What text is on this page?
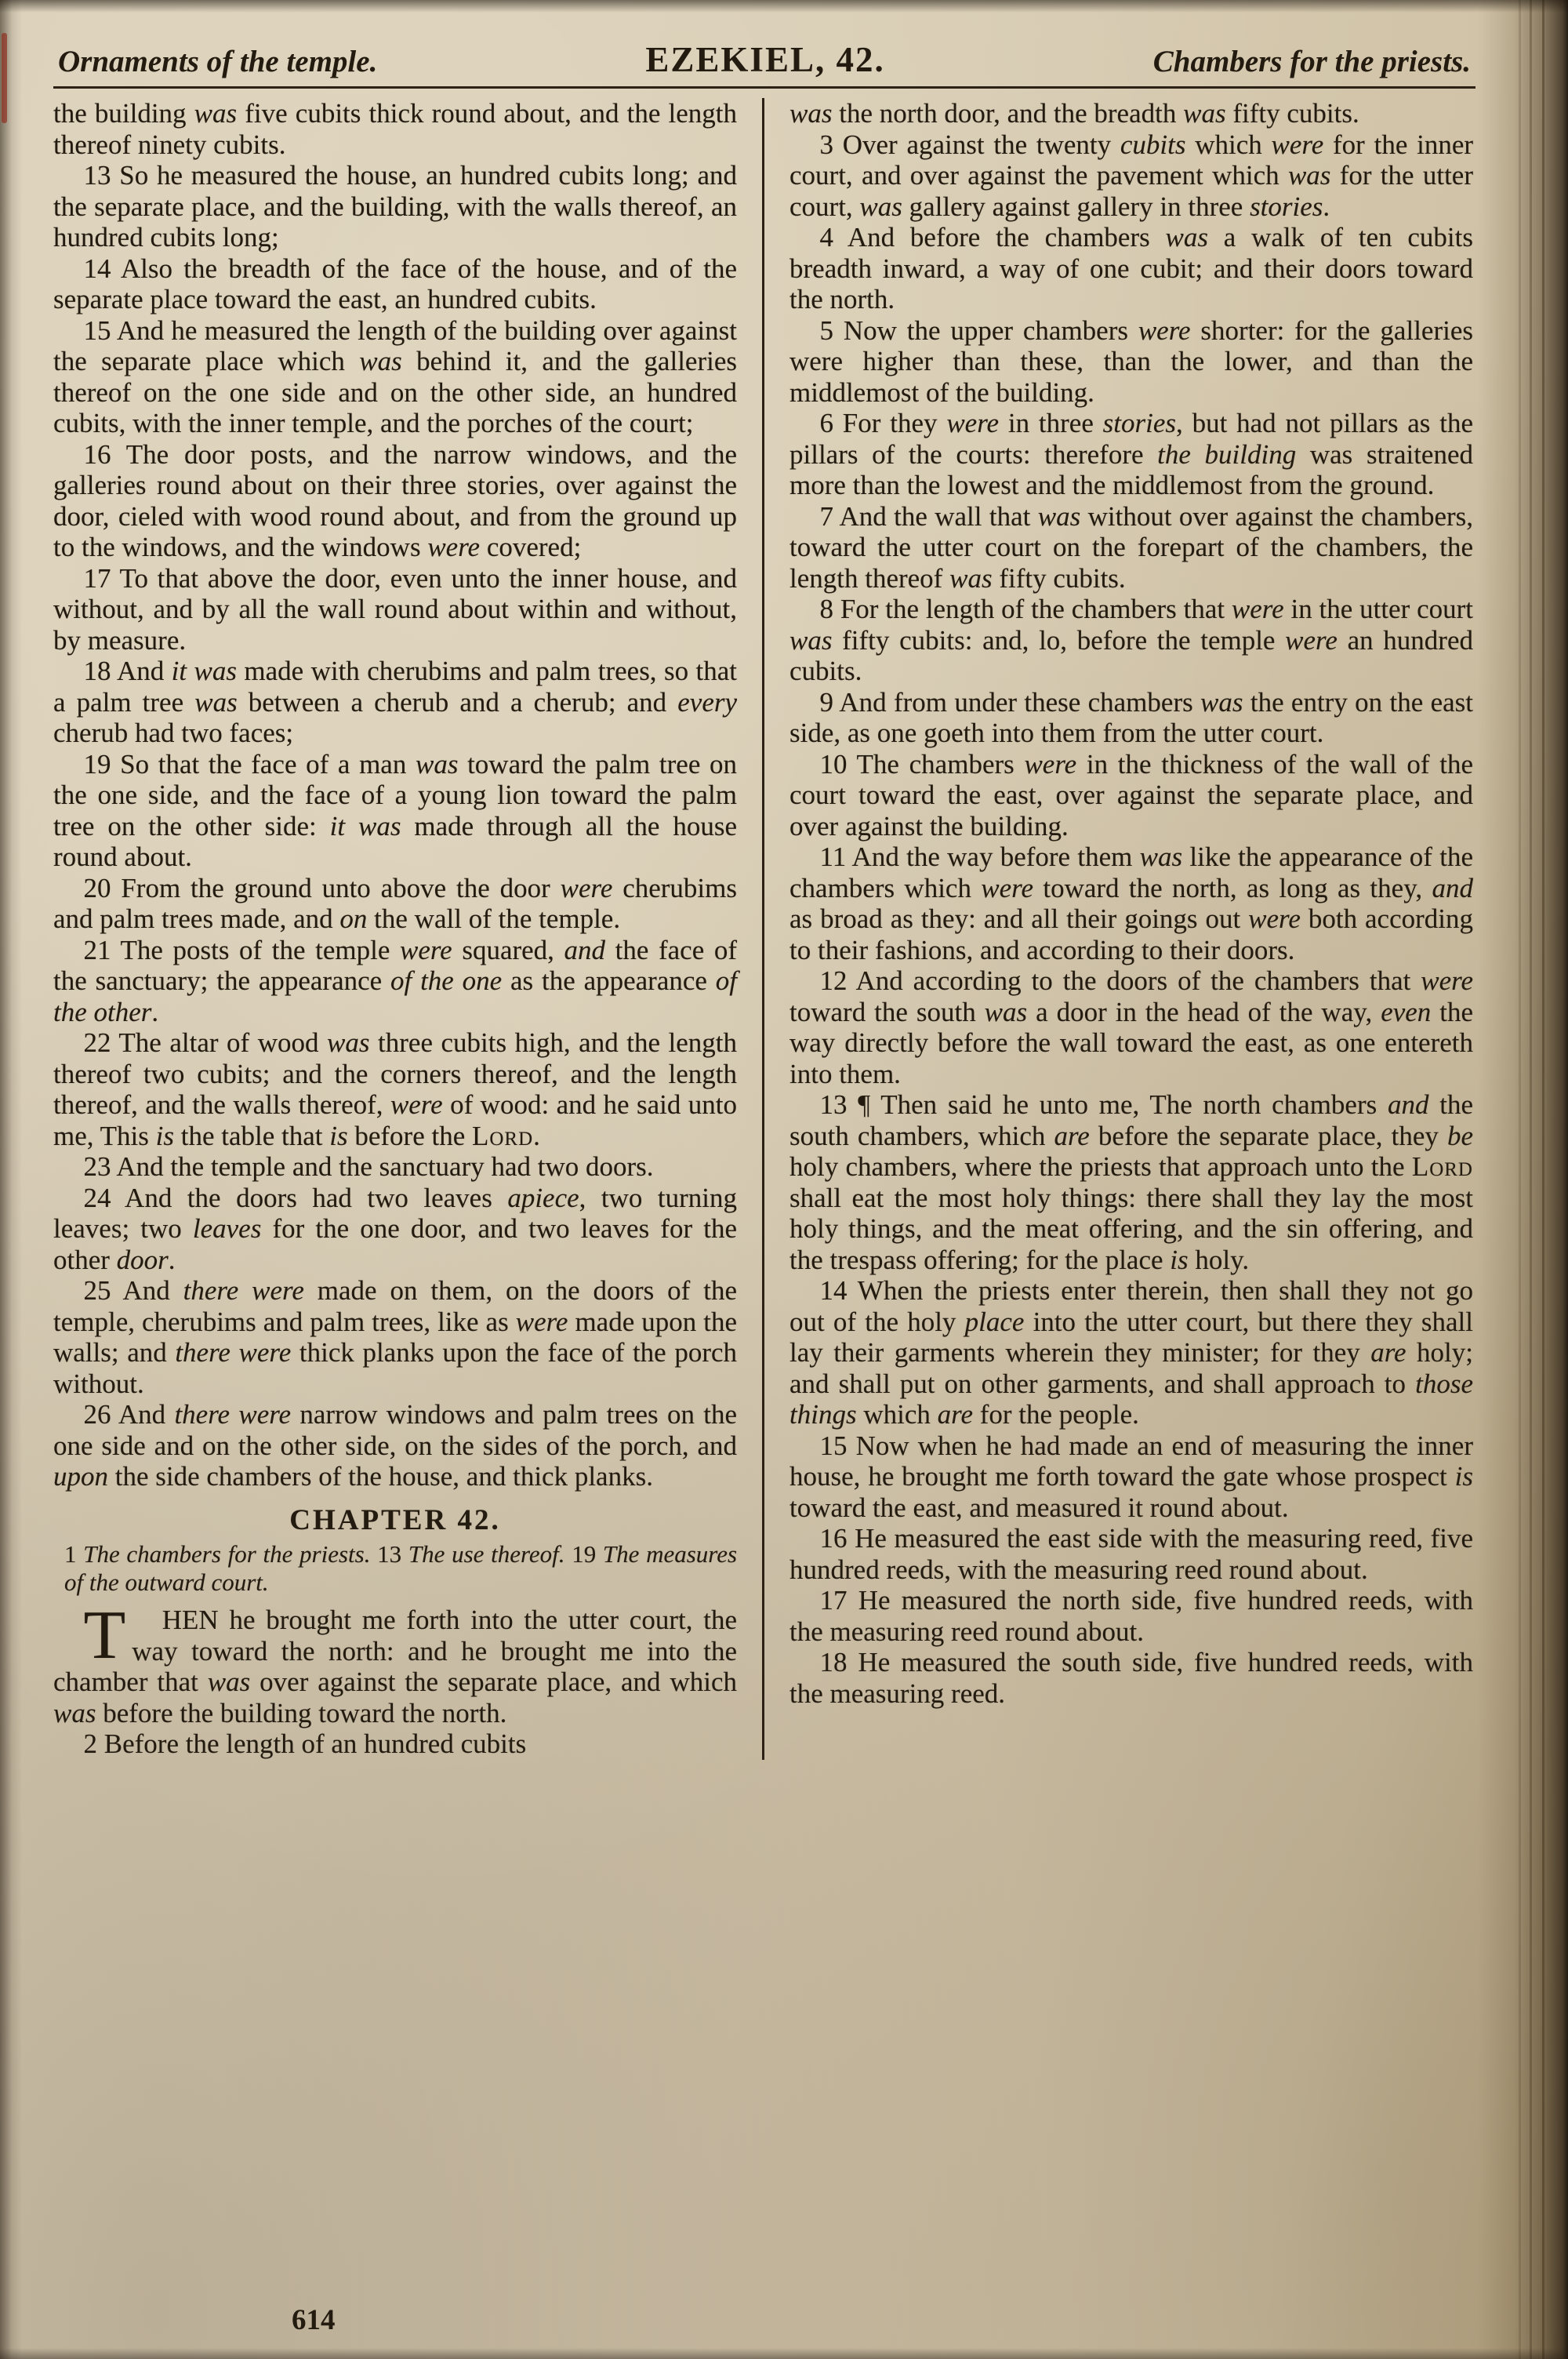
Ornaments of the temple.	EZEKIEL, 42.	Chambers for the priests.

the building was five cubits thick round about, and the length thereof ninety cubits.

13 So he measured the house, an hundred cubits long; and the separate place, and the building, with the walls thereof, an hundred cubits long;

14 Also the breadth of the face of the house, and of the separate place toward the east, an hundred cubits.

15 And he measured the length of the building over against the separate place which was behind it, and the galleries thereof on the one side and on the other side, an hundred cubits, with the inner temple, and the porches of the court;

16 The door posts, and the narrow windows, and the galleries round about on their three stories, over against the door, cieled with wood round about, and from the ground up to the windows, and the windows were covered;

17 To that above the door, even unto the inner house, and without, and by all the wall round about within and without, by measure.

18 And it was made with cherubims and palm trees, so that a palm tree was between a cherub and a cherub; and every cherub had two faces;

19 So that the face of a man was toward the palm tree on the one side, and the face of a young lion toward the palm tree on the other side: it was made through all the house round about.

20 From the ground unto above the door were cherubims and palm trees made, and on the wall of the temple.

21 The posts of the temple were squared, and the face of the sanctuary; the appearance of the one as the appearance of the other.

22 The altar of wood was three cubits high, and the length thereof two cubits; and the corners thereof, and the length thereof, and the walls thereof, were of wood: and he said unto me, This is the table that is before the Lord.

23 And the temple and the sanctuary had two doors.

24 And the doors had two leaves apiece, two turning leaves; two leaves for the one door, and two leaves for the other door.

25 And there were made on them, on the doors of the temple, cherubims and palm trees, like as were made upon the walls; and there were thick planks upon the face of the porch without.

26 And there were narrow windows and palm trees on the one side and on the other side, on the sides of the porch, and upon the side chambers of the house, and thick planks.

CHAPTER 42.

1 The chambers for the priests. 13 The use thereof. 19 The measures of the outward court.

T HEN he brought me forth into the utter court, the way toward the north: and he brought me into the chamber that was over against the separate place, and which was before the building toward the north.

2 Before the length of an hundred cubits

was the north door, and the breadth was fifty cubits.

3 Over against the twenty cubits which were for the inner court, and over against the pavement which was for the utter court, was gallery against gallery in three stories.

4 And before the chambers was a walk of ten cubits breadth inward, a way of one cubit; and their doors toward the north.

5 Now the upper chambers were shorter: for the galleries were higher than these, than the lower, and than the middlemost of the building.

6 For they were in three stories, but had not pillars as the pillars of the courts: therefore the building was straitened more than the lowest and the middlemost from the ground.

7 And the wall that was without over against the chambers, toward the utter court on the forepart of the chambers, the length thereof was fifty cubits.

8 For the length of the chambers that were in the utter court was fifty cubits: and, lo, before the temple were an hundred cubits.

9 And from under these chambers was the entry on the east side, as one goeth into them from the utter court.

10 The chambers were in the thickness of the wall of the court toward the east, over against the separate place, and over against the building.

11 And the way before them was like the appearance of the chambers which were toward the north, as long as they, and as broad as they: and all their goings out were both according to their fashions, and according to their doors.

12 And according to the doors of the chambers that were toward the south was a door in the head of the way, even the way directly before the wall toward the east, as one entereth into them.

13 ¶ Then said he unto me, The north chambers and the south chambers, which are before the separate place, they be holy chambers, where the priests that approach unto the Lord shall eat the most holy things: there shall they lay the most holy things, and the meat offering, and the sin offering, and the trespass offering; for the place is holy.

14 When the priests enter therein, then shall they not go out of the holy place into the utter court, but there they shall lay their garments wherein they minister; for they are holy; and shall put on other garments, and shall approach to those things which are for the people.

15 Now when he had made an end of measuring the inner house, he brought me forth toward the gate whose prospect is toward the east, and measured it round about.

16 He measured the east side with the measuring reed, five hundred reeds, with the measuring reed round about.

17 He measured the north side, five hundred reeds, with the measuring reed round about.

18 He measured the south side, five hundred reeds, with the measuring reed.

614
